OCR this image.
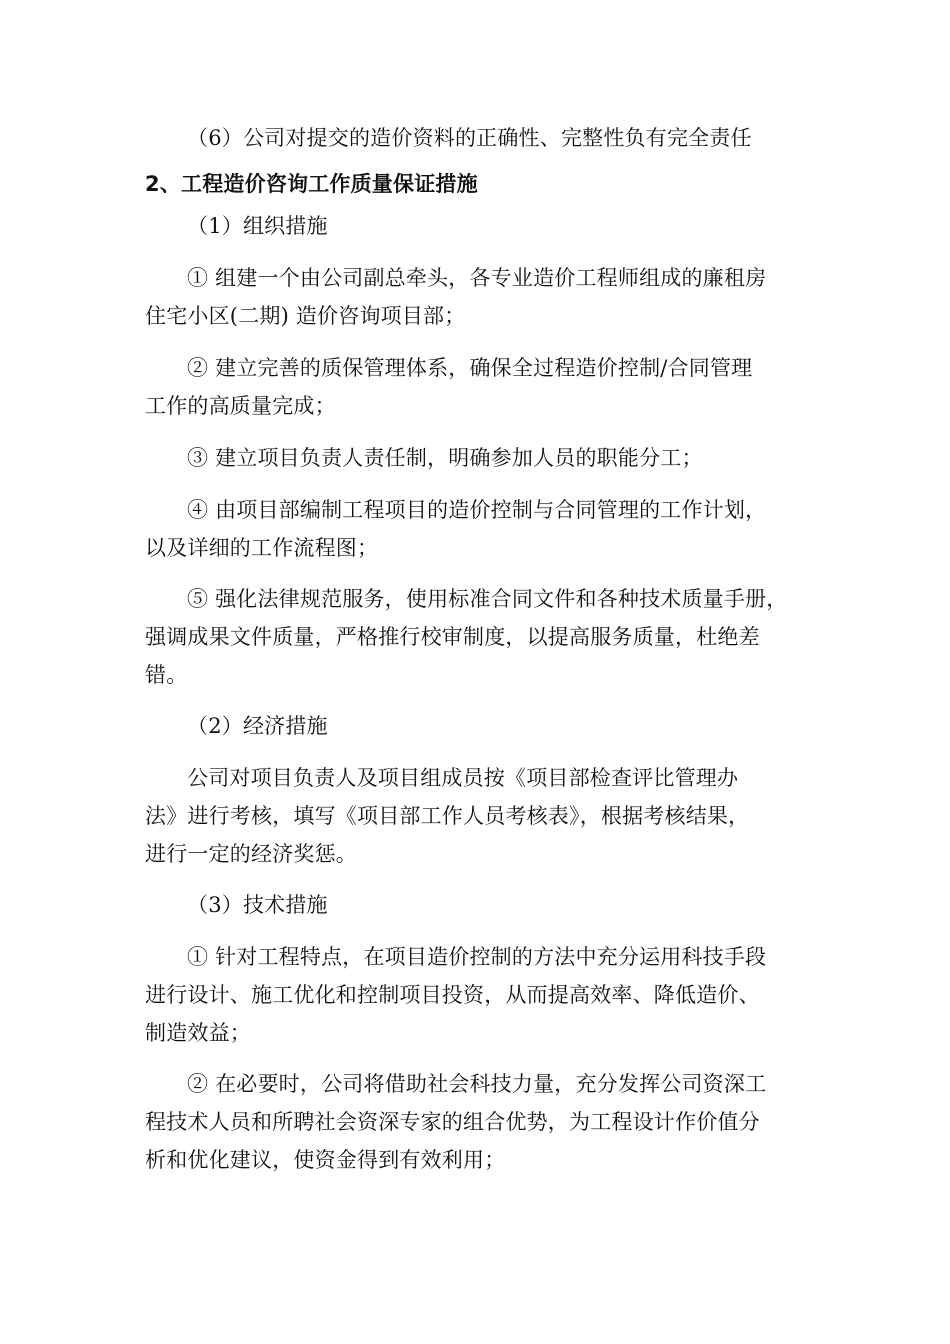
（6）公司对提交的造价资料的正确性、完整性负有完全责任
2、工程造价咨询工作质量保证措施
（1）组织措施
① 组建一个由公司副总牵头，各专业造价工程师组成的廉租房
住宅小区(二期) 造价咨询项目部；
② 建立完善的质保管理体系，确保全过程造价控制/合同管理
工作的高质量完成；
③ 建立项目负责人责任制，明确参加人员的职能分工；
④ 由项目部编制工程项目的造价控制与合同管理的工作计划，
以及详细的工作流程图；
⑤ 强化法律规范服务，使用标准合同文件和各种技术质量手册，
强调成果文件质量，严格推行校审制度，以提高服务质量，杜绝差
错。
（2）经济措施
公司对项目负责人及项目组成员按《项目部检查评比管理办
法》进行考核，填写《项目部工作人员考核表》，根据考核结果，
进行一定的经济奖惩。
（3）技术措施
① 针对工程特点，在项目造价控制的方法中充分运用科技手段
进行设计、施工优化和控制项目投资，从而提高效率、降低造价、
制造效益；
② 在必要时，公司将借助社会科技力量，充分发挥公司资深工
程技术人员和所聘社会资深专家的组合优势，为工程设计作价值分
析和优化建议，使资金得到有效利用；
